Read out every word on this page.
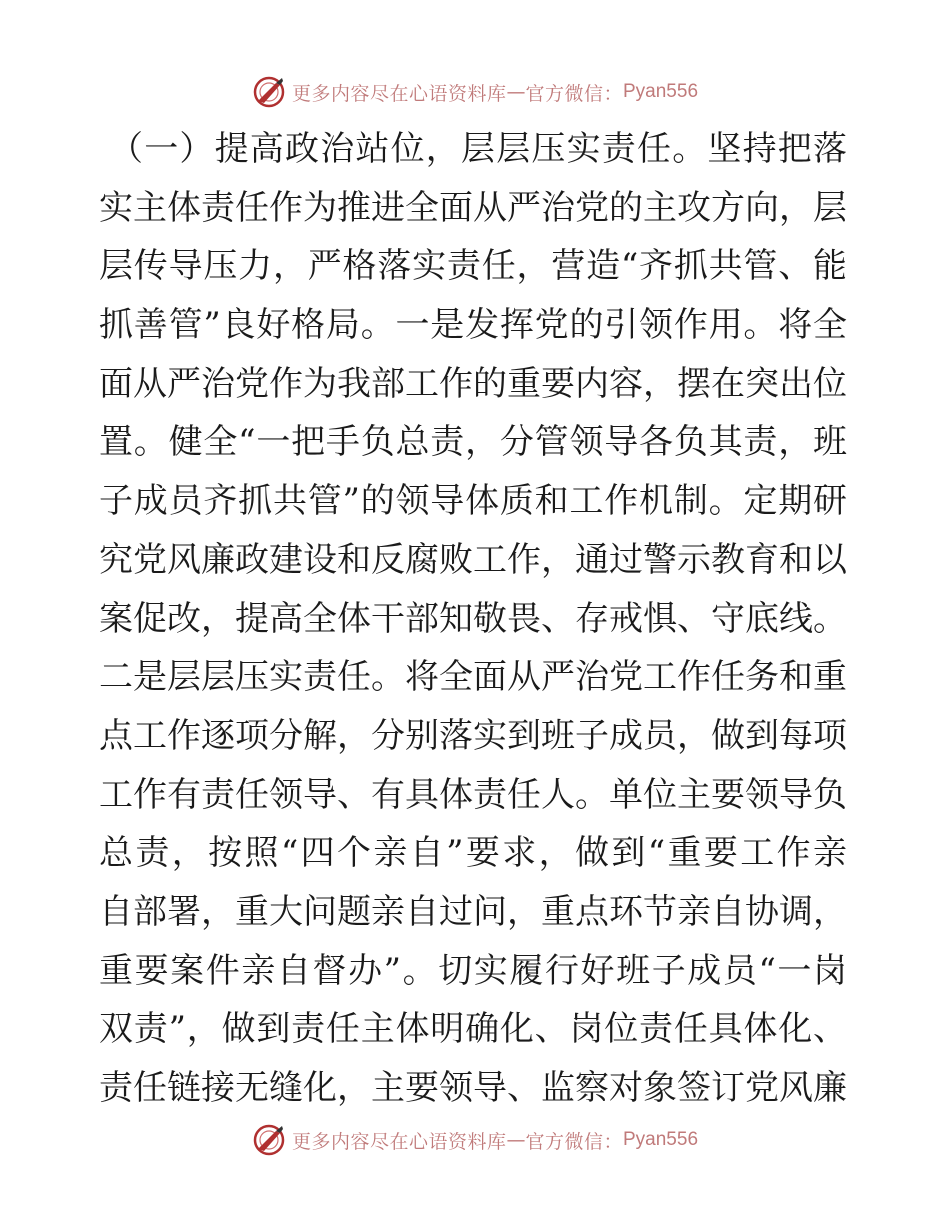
更多内容尽在心语资料库 — 官方微信： Pyan556
（一）提高政治站位，层层压实责任。坚持把落
实主体责任作为推进全面从严治党的主攻方向，层
层传导压力，严格落实责任，营造“齐抓共管、能
抓善管”良好格局。一是发挥党的引领作用。将全
面从严治党作为我部工作的重要内容，摆在突出位
置。健全“一把手负总责，分管领导各负其责，班
子成员齐抓共管”的领导体质和工作机制。定期研
究党风廉政建设和反腐败工作，通过警示教育和以
案促改，提高全体干部知敬畏、存戒惧、守底线。
二是层层压实责任。将全面从严治党工作任务和重
点工作逐项分解，分别落实到班子成员，做到每项
工作有责任领导、有具体责任人。单位主要领导负
总责，按照“四个亲自”要求，做到“重要工作亲
自部署，重大问题亲自过问，重点环节亲自协调，
重要案件亲自督办”。切实履行好班子成员“一岗
双责”，做到责任主体明确化、岗位责任具体化、
责任链接无缝化，主要领导、监察对象签订党风廉
更多内容尽在心语资料库 — 官方微信： Pyan556
